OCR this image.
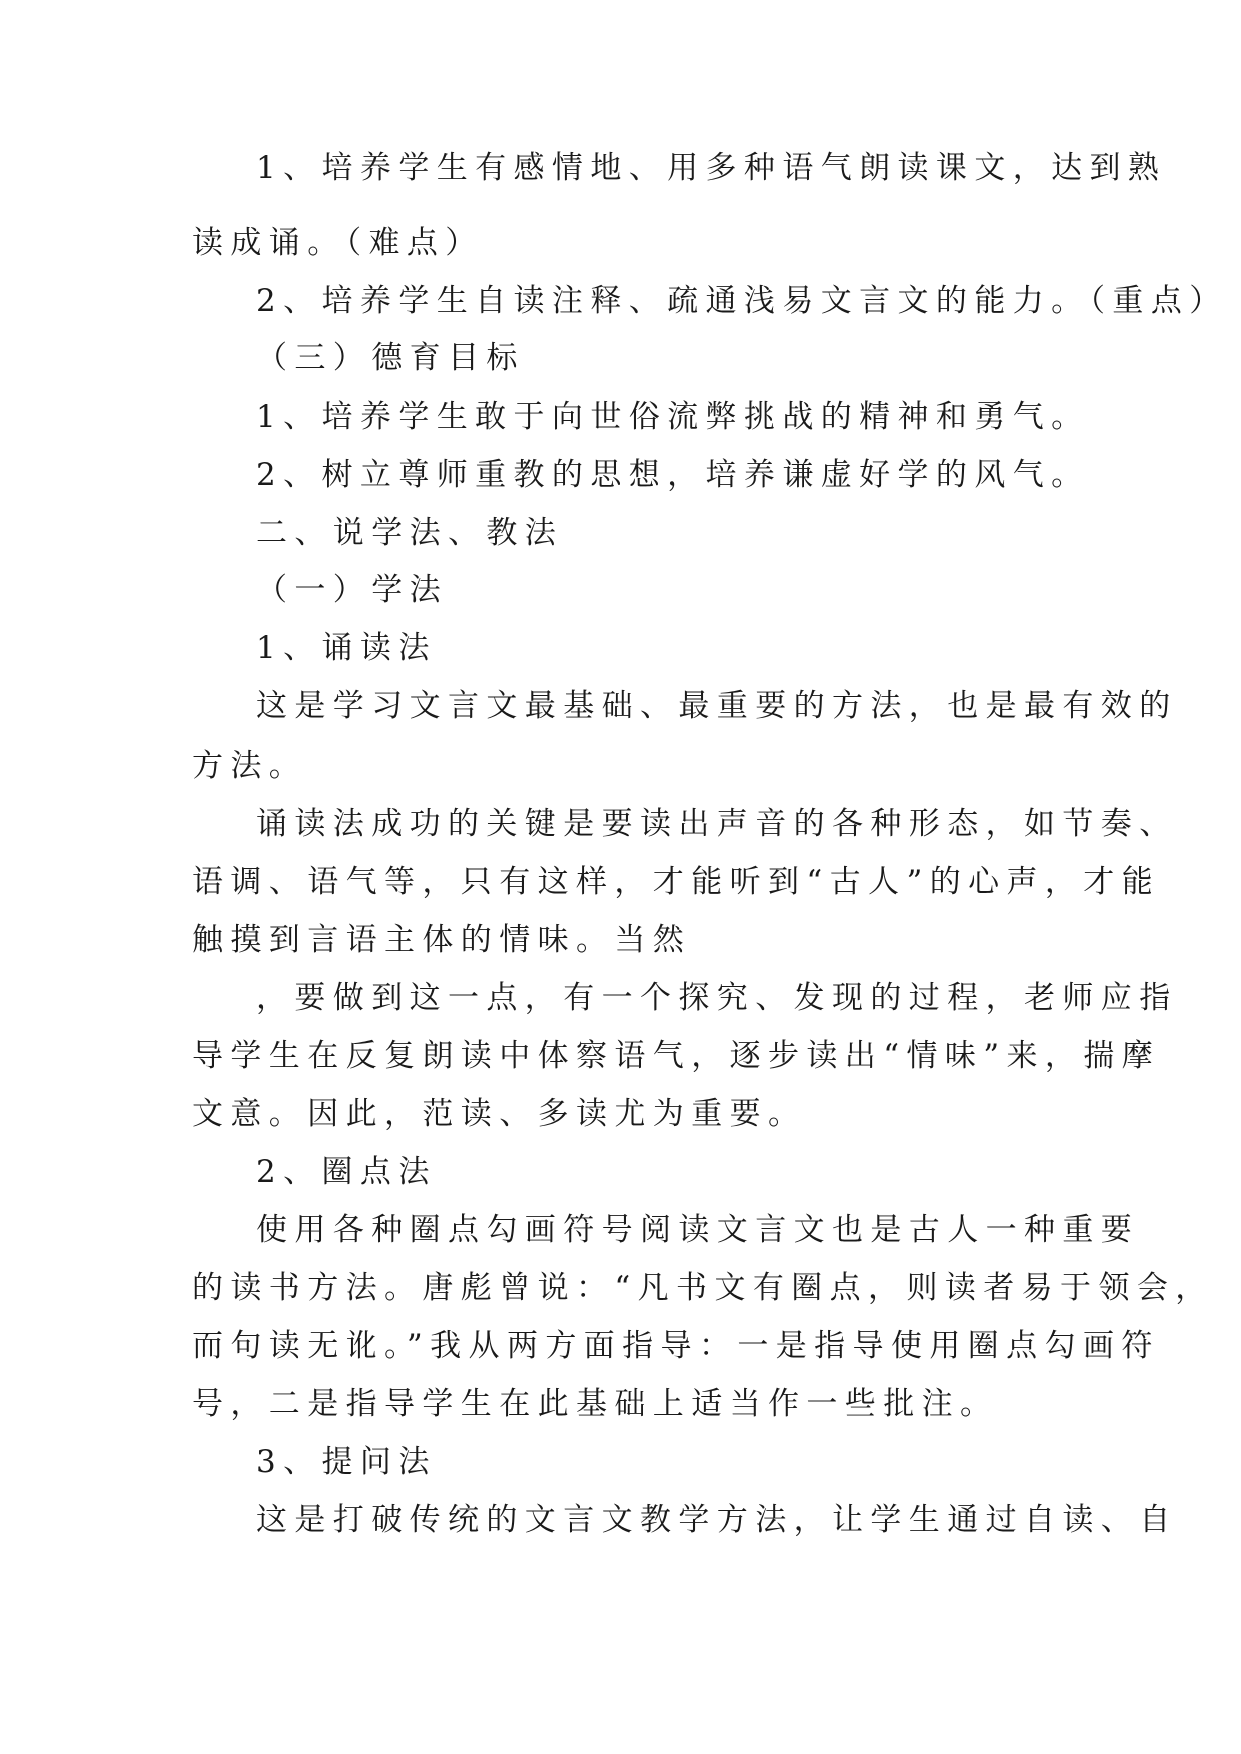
1、培养学生有感情地、用多种语气朗读课文，达到熟
读成诵。（难点）
2、培养学生自读注释、疏通浅易文言文的能力。（重点）
（三）德育目标
1、培养学生敢于向世俗流弊挑战的精神和勇气。
2、树立尊师重教的思想，培养谦虚好学的风气。
二、说学法、教法
（一）学法
1、诵读法
这是学习文言文最基础、最重要的方法，也是最有效的
方法。
诵读法成功的关键是要读出声音的各种形态，如节奏、
语调、语气等，只有这样，才能听到“古人”的心声，才能
触摸到言语主体的情味。当然
，要做到这一点，有一个探究、发现的过程，老师应指
导学生在反复朗读中体察语气，逐步读出“情味”来，揣摩
文意。因此，范读、多读尤为重要。
2、圈点法
使用各种圈点勾画符号阅读文言文也是古人一种重要
的读书方法。唐彪曾说：“凡书文有圈点，则读者易于领会，
而句读无讹。”我从两方面指导：一是指导使用圈点勾画符
号，二是指导学生在此基础上适当作一些批注。
3、提问法
这是打破传统的文言文教学方法，让学生通过自读、自
